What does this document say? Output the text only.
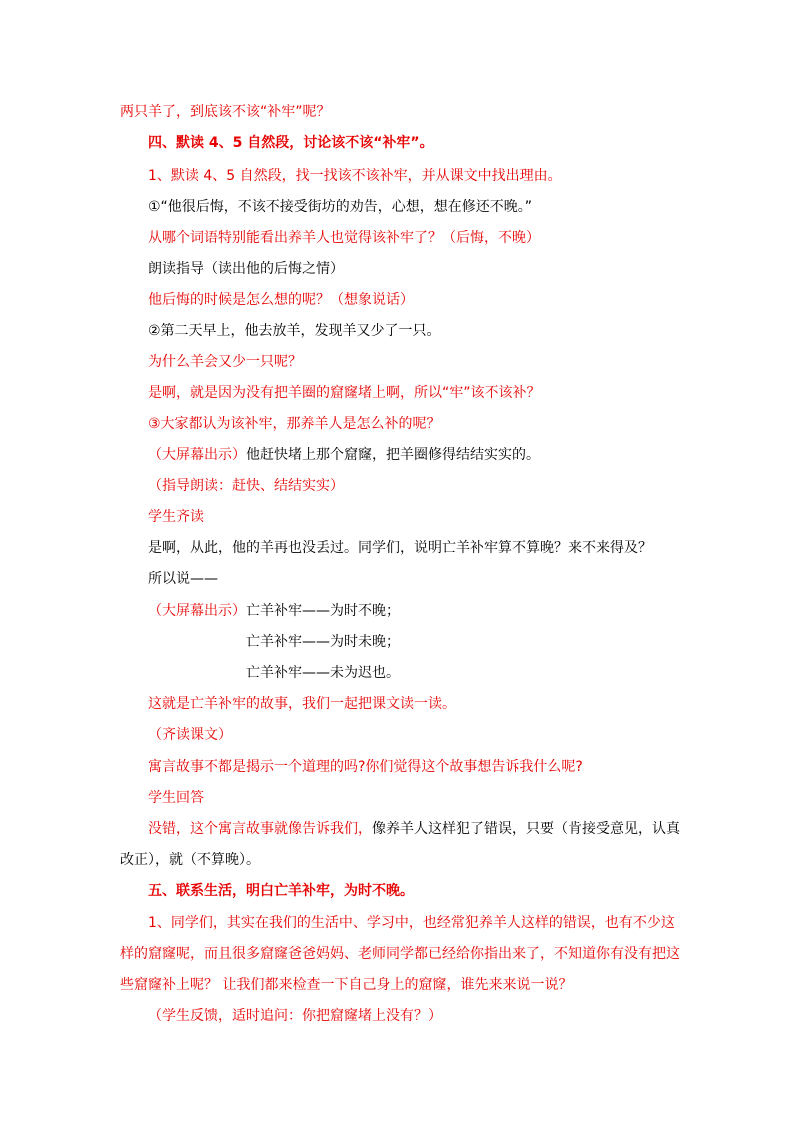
两只羊了，到底该不该“补牢”呢？
四、默读 4、5 自然段，讨论该不该“补牢”。
1、默读 4、5 自然段，找一找该不该补牢，并从课文中找出理由。
①“他很后悔，不该不接受街坊的劝告，心想，想在修还不晚。”
从哪个词语特别能看出养羊人也觉得该补牢了？（后悔，不晚）
朗读指导（读出他的后悔之情）
他后悔的时候是怎么想的呢？（想象说话）
②第二天早上，他去放羊，发现羊又少了一只。
为什么羊会又少一只呢？
是啊，就是因为没有把羊圈的窟窿堵上啊，所以“牢”该不该补？
③大家都认为该补牢，那养羊人是怎么补的呢？
（大屏幕出示）他赶快堵上那个窟窿，把羊圈修得结结实实的。
（指导朗读：赶快、结结实实）
学生齐读
是啊，从此，他的羊再也没丢过。同学们，说明亡羊补牢算不算晚？来不来得及？
所以说——
（大屏幕出示）亡羊补牢——为时不晚；
亡羊补牢——为时未晚；
亡羊补牢——未为迟也。
这就是亡羊补牢的故事，我们一起把课文读一读。
（齐读课文）
寓言故事不都是揭示一个道理的吗?你们觉得这个故事想告诉我什么呢?
学生回答
没错，这个寓言故事就像告诉我们，像养羊人这样犯了错误，只要（肯接受意见，认真
改正），就（不算晚）。
五、联系生活，明白亡羊补牢，为时不晚。
1、同学们，其实在我们的生活中、学习中，也经常犯养羊人这样的错误，也有不少这
样的窟窿呢，而且很多窟窿爸爸妈妈、老师同学都已经给你指出来了，不知道你有没有把这
些窟窿补上呢？ 让我们都来检查一下自己身上的窟窿，谁先来来说一说？
（学生反馈，适时追问：你把窟窿堵上没有？）
